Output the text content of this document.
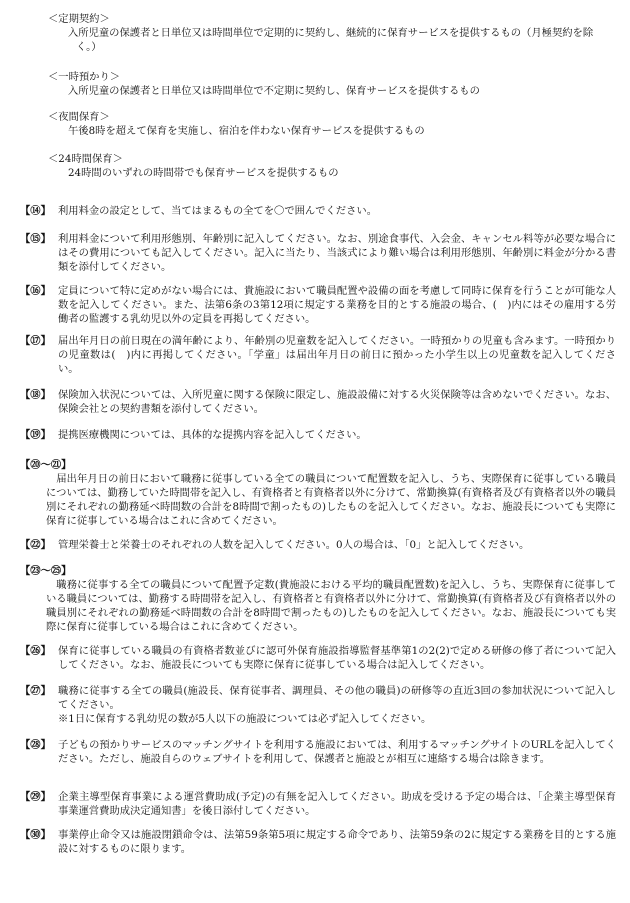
＜定期契約＞
入所児童の保護者と日単位又は時間単位で定期的に契約し、継続的に保育サービスを提供するもの（月極契約を除く。）
＜一時預かり＞
入所児童の保護者と日単位又は時間単位で不定期に契約し、保育サービスを提供するもの
＜夜間保育＞
午後8時を超えて保育を実施し、宿泊を伴わない保育サービスを提供するもの
＜24時間保育＞
24時間のいずれの時間帯でも保育サービスを提供するもの
【⑭】 利用料金の設定として、当てはまるもの全てを〇で囲んでください。
【⑮】 利用料金について利用形態別、年齢別に記入してください。なお、別途食事代、入会金、キャンセル料等が必要な場合にはその費用についても記入してください。記入に当たり、当該式により難い場合は利用形態別、年齢別に料金が分かる書類を添付してください。
【⑯】 定員について特に定めがない場合には、貴施設において職員配置や設備の面を考慮して同時に保育を行うことが可能な人数を記入してください。また、法第6条の3第12項に規定する業務を目的とする施設の場合、(　)内にはその雇用する労働者の監護する乳幼児以外の定員を再掲してください。
【⑰】 届出年月日の前日現在の満年齢により、年齢別の児童数を記入してください。一時預かりの児童も含みます。一時預かりの児童数は(　)内に再掲してください。「学童」は届出年月日の前日に預かった小学生以上の児童数を記入してください。
【⑱】 保険加入状況については、入所児童に関する保険に限定し、施設設備に対する火災保険等は含めないでください。なお、保険会社との契約書類を添付してください。
【⑲】 提携医療機関については、具体的な提携内容を記入してください。
【⑳〜㉑】
届出年月日の前日において職務に従事している全ての職員について配置数を記入し、うち、実際保育に従事している職員については、勤務していた時間帯を記入し、有資格者と有資格者以外に分けて、常勤換算(有資格者及び有資格者以外の職員別にそれぞれの勤務延べ時間数の合計を8時間で割ったもの)したものを記入してください。なお、施設長についても実際に保育に従事している場合はこれに含めてください。
【㉒】 管理栄養士と栄養士のそれぞれの人数を記入してください。0人の場合は、「0」と記入してください。
【㉓〜㉕】
職務に従事する全ての職員について配置予定数(貴施設における平均的職員配置数)を記入し、うち、実際保育に従事している職員については、勤務する時間帯を記入し、有資格者と有資格者以外に分けて、常勤換算(有資格者及び有資格者以外の職員別にそれぞれの勤務延べ時間数の合計を8時間で割ったもの)したものを記入してください。なお、施設長についても実際に保育に従事している場合はこれに含めてください。
【㉖】 保育に従事している職員の有資格者数並びに認可外保育施設指導監督基準第1の2(2)で定める研修の修了者について記入してください。なお、施設長についても実際に保育に従事している場合は記入してください。
【㉗】 職務に従事する全ての職員(施設長、保育従事者、調理員、その他の職員)の研修等の直近3回の参加状況について記入してください。
※1日に保育する乳幼児の数が5人以下の施設については必ず記入してください。
【㉘】 子どもの預かりサービスのマッチングサイトを利用する施設においては、利用するマッチングサイトのURLを記入してください。ただし、施設自らのウェブサイトを利用して、保護者と施設とが相互に連絡する場合は除きます。
【㉙】 企業主導型保育事業による運営費助成(予定)の有無を記入してください。助成を受ける予定の場合は、「企業主導型保育事業運営費助成決定通知書」を後日添付してください。
【㉚】 事業停止命令又は施設閉鎖命令は、法第59条第5項に規定する命令であり、法第59条の2に規定する業務を目的とする施設に対するものに限ります。
